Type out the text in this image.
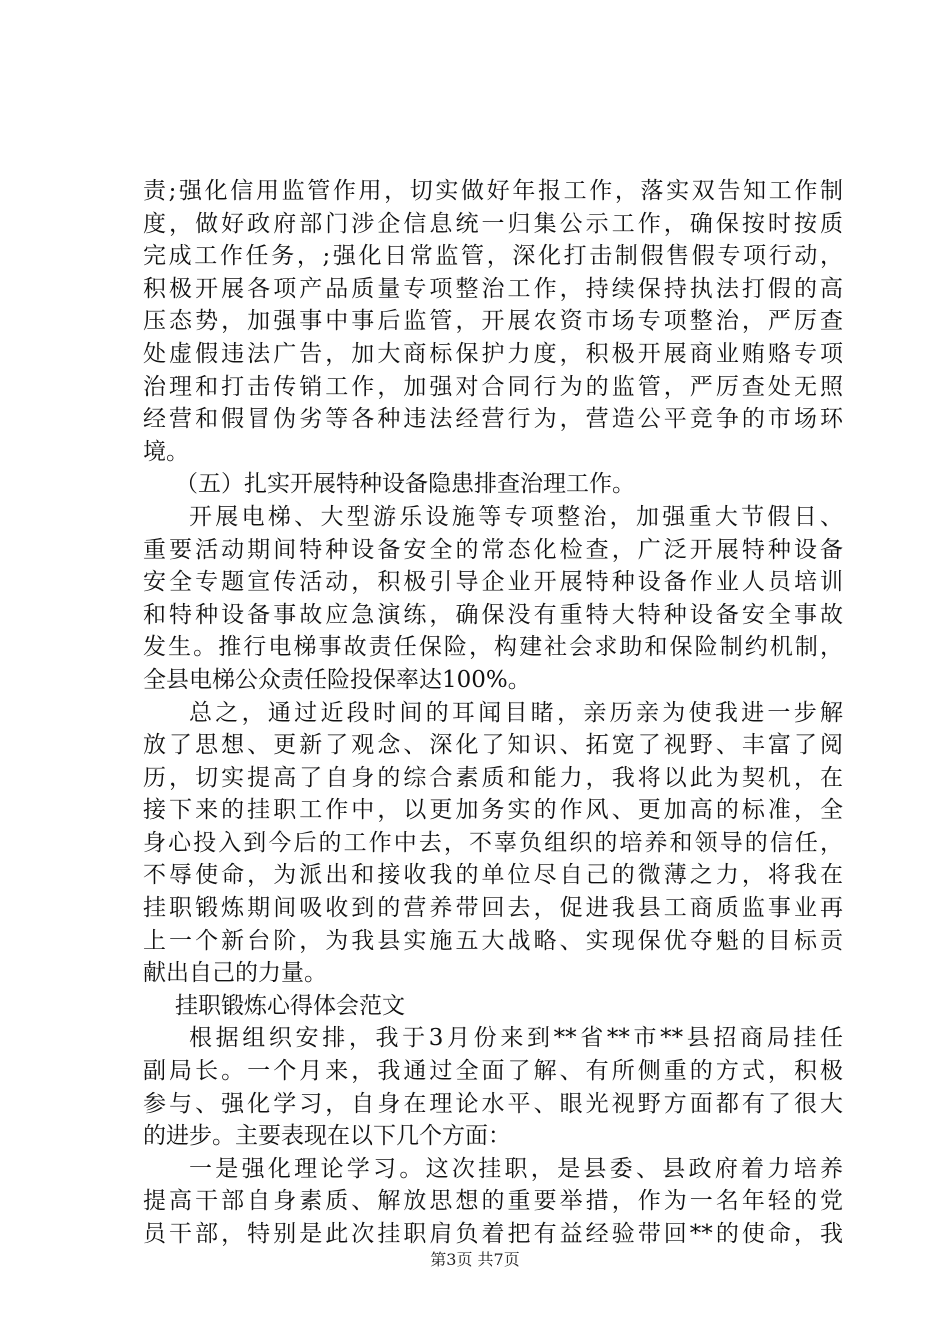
责;强化信用监管作用，切实做好年报工作，落实双告知工作制
度，做好政府部门涉企信息统一归集公示工作，确保按时按质
完成工作任务，;强化日常监管，深化打击制假售假专项行动，
积极开展各项产品质量专项整治工作，持续保持执法打假的高
压态势，加强事中事后监管，开展农资市场专项整治，严厉查
处虚假违法广告，加大商标保护力度，积极开展商业贿赂专项
治理和打击传销工作，加强对合同行为的监管，严厉查处无照
经营和假冒伪劣等各种违法经营行为，营造公平竞争的市场环
境。
（五）扎实开展特种设备隐患排查治理工作。
开展电梯、大型游乐设施等专项整治，加强重大节假日、
重要活动期间特种设备安全的常态化检查，广泛开展特种设备
安全专题宣传活动，积极引导企业开展特种设备作业人员培训
和特种设备事故应急演练，确保没有重特大特种设备安全事故
发生。推行电梯事故责任保险，构建社会求助和保险制约机制，
全县电梯公众责任险投保率达100%。
总之，通过近段时间的耳闻目睹，亲历亲为使我进一步解
放了思想、更新了观念、深化了知识、拓宽了视野、丰富了阅
历，切实提高了自身的综合素质和能力，我将以此为契机，在
接下来的挂职工作中，以更加务实的作风、更加高的标准，全
身心投入到今后的工作中去，不辜负组织的培养和领导的信任，
不辱使命，为派出和接收我的单位尽自己的微薄之力，将我在
挂职锻炼期间吸收到的营养带回去，促进我县工商质监事业再
上一个新台阶，为我县实施五大战略、实现保优夺魁的目标贡
献出自己的力量。
挂职锻炼心得体会范文
根据组织安排，我于3月份来到**省**市**县招商局挂任
副局长。一个月来，我通过全面了解、有所侧重的方式，积极
参与、强化学习，自身在理论水平、眼光视野方面都有了很大
的进步。主要表现在以下几个方面：
一是强化理论学习。这次挂职，是县委、县政府着力培养
提高干部自身素质、解放思想的重要举措，作为一名年轻的党
员干部，特别是此次挂职肩负着把有益经验带回**的使命，我
第3页 共7页
